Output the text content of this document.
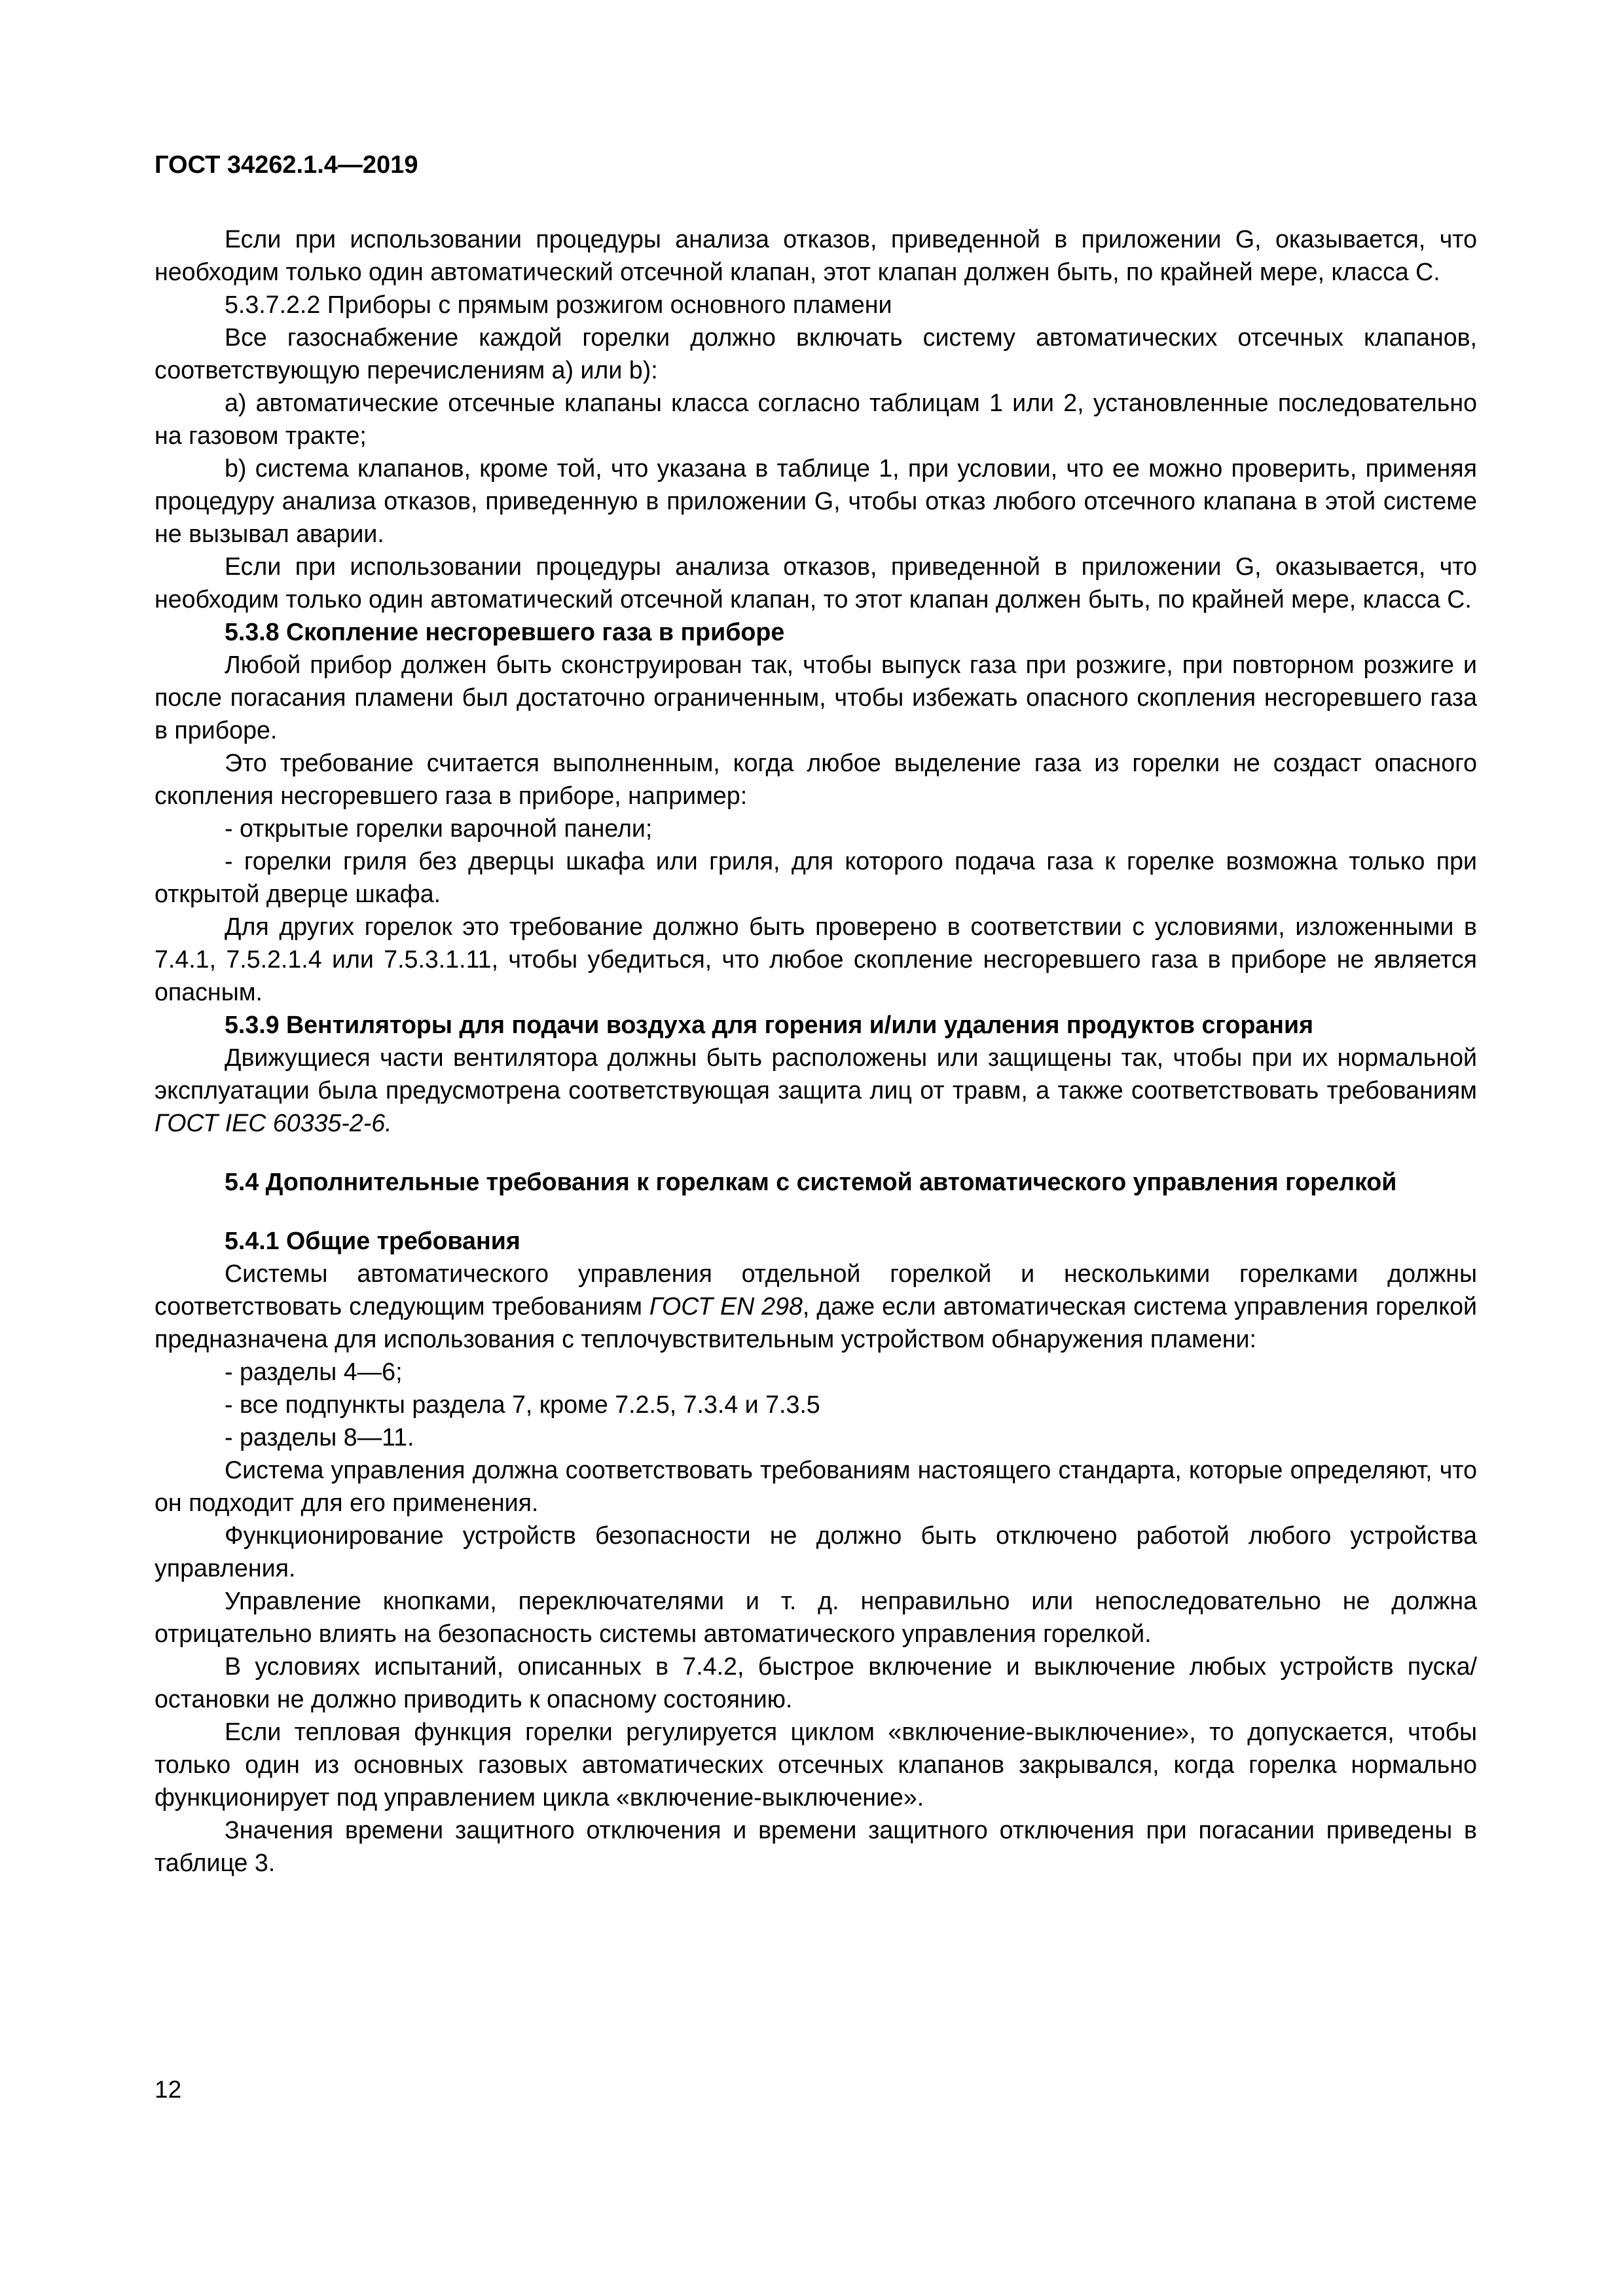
ГОСТ 34262.1.4—2019

Если при использовании процедуры анализа отказов, приведенной в приложении G, оказывается, что необходим только один автоматический отсечной клапан, этот клапан должен быть, по крайней мере, класса С.

5.3.7.2.2 Приборы с прямым розжигом основного пламени

Все газоснабжение каждой горелки должно включать систему автоматических отсечных клапанов, соответствующую перечислениям а) или b):

а) автоматические отсечные клапаны класса согласно таблицам 1 или 2, установленные последовательно на газовом тракте;

b) система клапанов, кроме той, что указана в таблице 1, при условии, что ее можно проверить, применяя процедуру анализа отказов, приведенную в приложении G, чтобы отказ любого отсечного клапана в этой системе не вызывал аварии.

Если при использовании процедуры анализа отказов, приведенной в приложении G, оказывается, что необходим только один автоматический отсечной клапан, то этот клапан должен быть, по крайней мере, класса С.

5.3.8 Скопление несгоревшего газа в приборе

Любой прибор должен быть сконструирован так, чтобы выпуск газа при розжиге, при повторном розжиге и после погасания пламени был достаточно ограниченным, чтобы избежать опасного скопления несгоревшего газа в приборе.

Это требование считается выполненным, когда любое выделение газа из горелки не создаст опасного скопления несгоревшего газа в приборе, например:

- открытые горелки варочной панели;

- горелки гриля без дверцы шкафа или гриля, для которого подача газа к горелке возможна только при открытой дверце шкафа.

Для других горелок это требование должно быть проверено в соответствии с условиями, изложенными в 7.4.1, 7.5.2.1.4 или 7.5.3.1.11, чтобы убедиться, что любое скопление несгоревшего газа в приборе не является опасным.

5.3.9 Вентиляторы для подачи воздуха для горения и/или удаления продуктов сгорания

Движущиеся части вентилятора должны быть расположены или защищены так, чтобы при их нормальной эксплуатации была предусмотрена соответствующая защита лиц от травм, а также соответствовать требованиям ГОСТ IEC 60335-2-6.

5.4 Дополнительные требования к горелкам с системой автоматического управления горелкой

5.4.1 Общие требования

Системы автоматического управления отдельной горелкой и несколькими горелками должны соответствовать следующим требованиям ГОСТ EN 298, даже если автоматическая система управления горелкой предназначена для использования с теплочувствительным устройством обнаружения пламени:

- разделы 4—6;

- все подпункты раздела 7, кроме 7.2.5, 7.3.4 и 7.3.5

- разделы 8—11.

Система управления должна соответствовать требованиям настоящего стандарта, которые определяют, что он подходит для его применения.

Функционирование устройств безопасности не должно быть отключено работой любого устройства управления.

Управление кнопками, переключателями и т. д. неправильно или непоследовательно не должна отрицательно влиять на безопасность системы автоматического управления горелкой.

В условиях испытаний, описанных в 7.4.2, быстрое включение и выключение любых устройств пуска/остановки не должно приводить к опасному состоянию.

Если тепловая функция горелки регулируется циклом «включение-выключение», то допускается, чтобы только один из основных газовых автоматических отсечных клапанов закрывался, когда горелка нормально функционирует под управлением цикла «включение-выключение».

Значения времени защитного отключения и времени защитного отключения при погасании приведены в таблице 3.

12
